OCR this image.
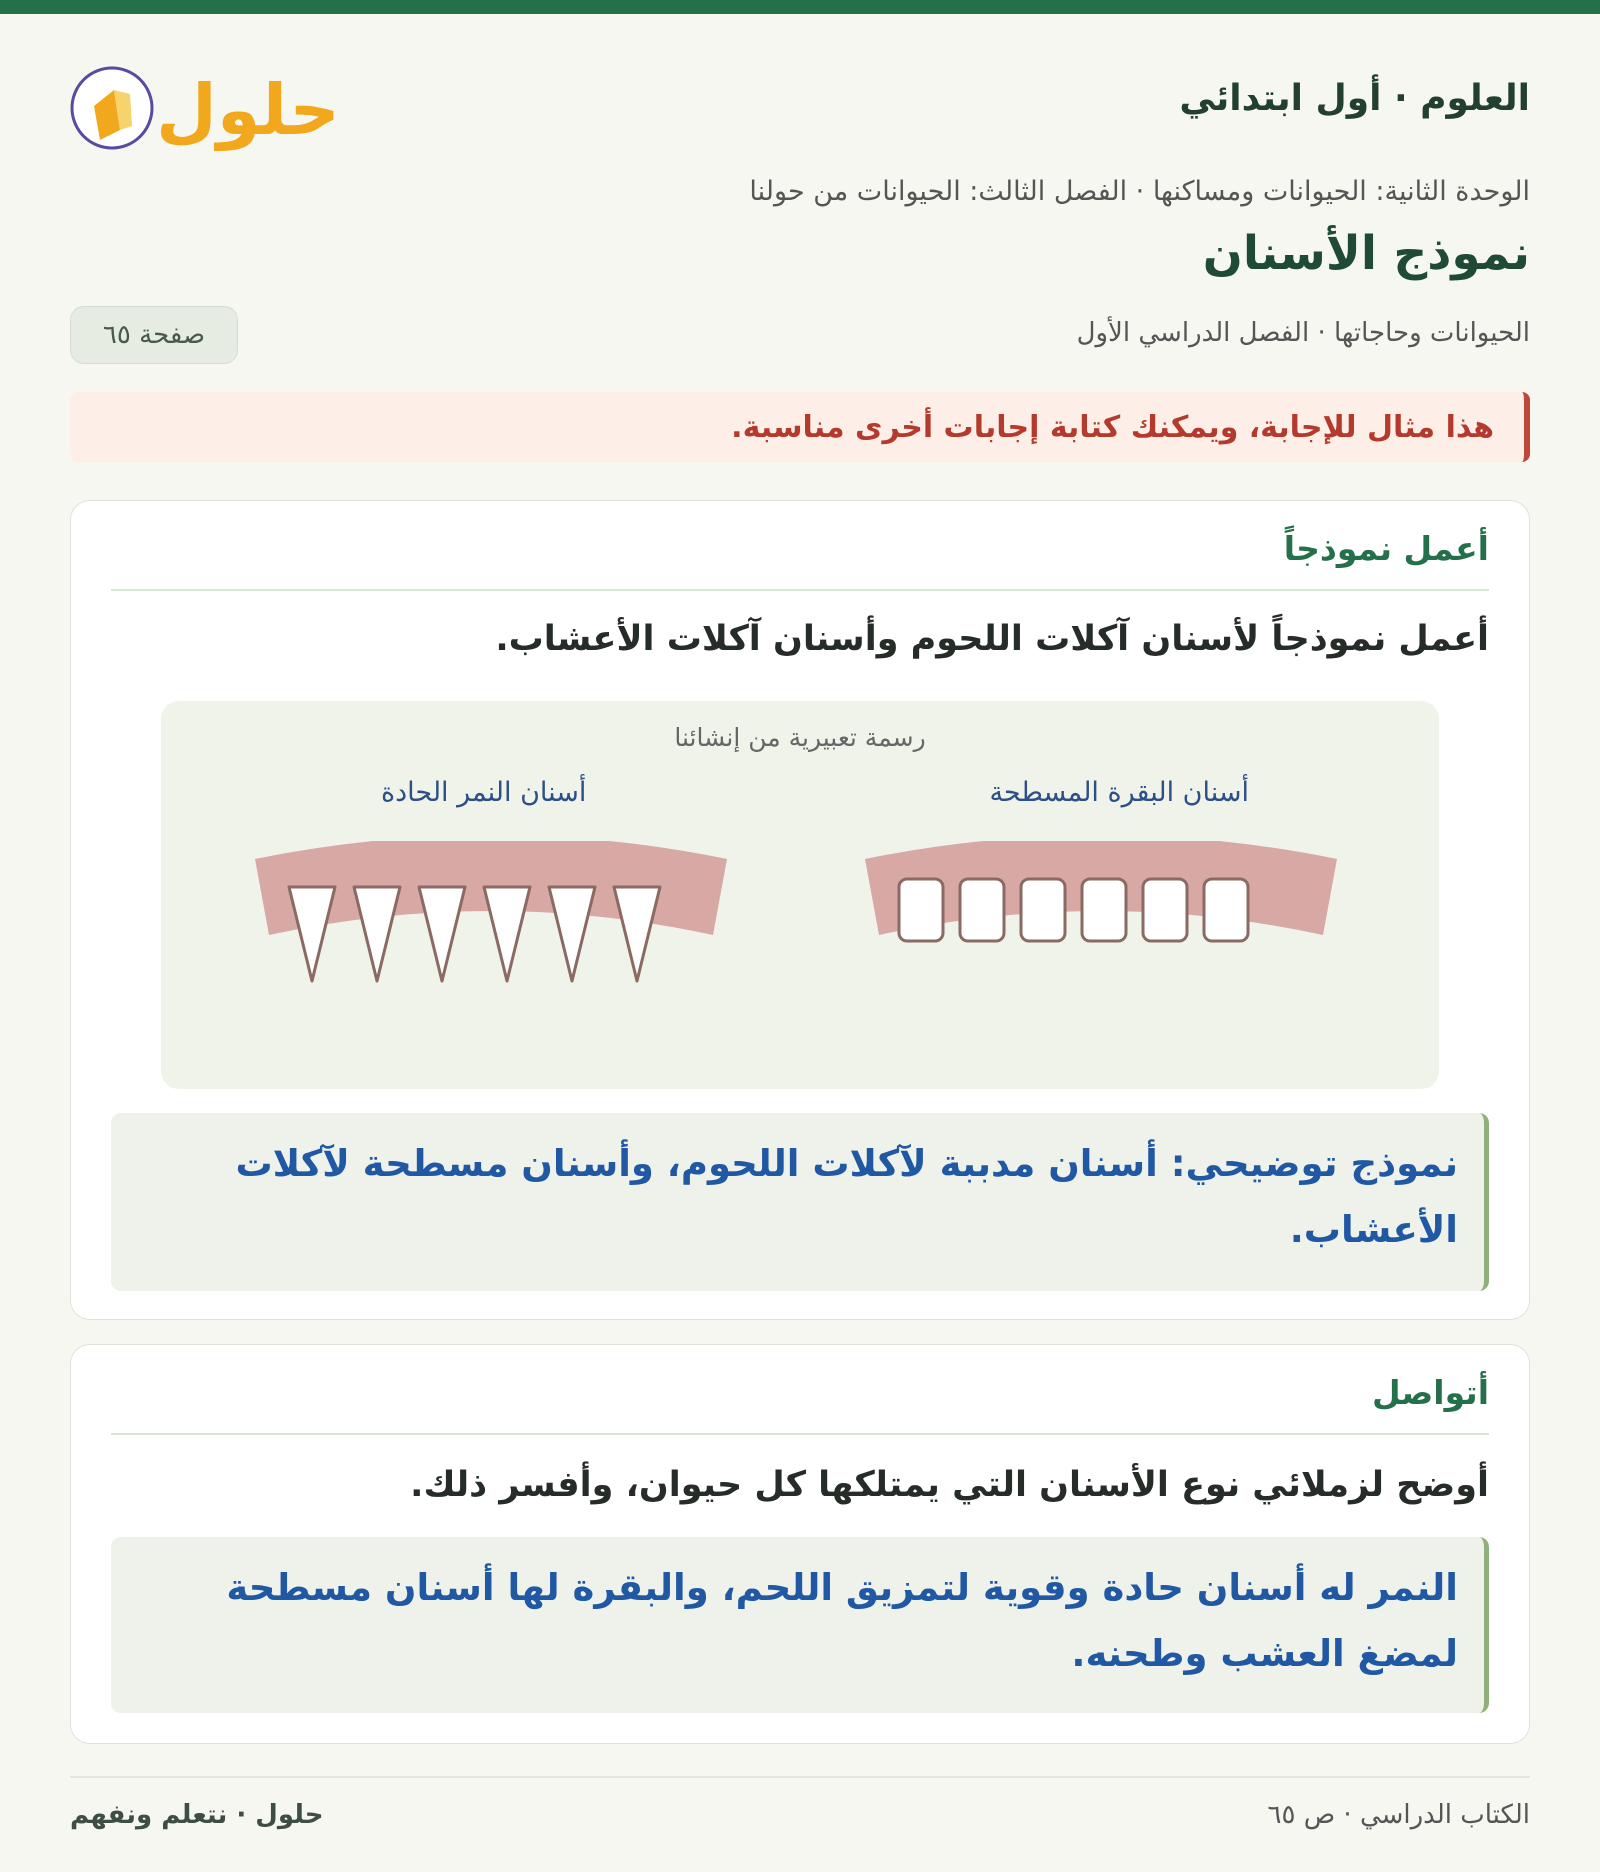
العلوم · أول ابتدائي
الوحدة الثانية: الحيوانات ومساكنها · الفصل الثالث: الحيوانات من حولنا
نموذج الأسنان
الحيوانات وحاجاتها · الفصل الدراسي الأول
صفحة ٦٥
حلول
هذا مثال للإجابة، ويمكنك كتابة إجابات أخرى مناسبة.
أعمل نموذجاً
أعمل نموذجاً لأسنان آكلات اللحوم وأسنان آكلات الأعشاب.
رسمة تعبيرية من إنشائنا
أسنان البقرة المسطحة
أسنان النمر الحادة
نموذج توضيحي: أسنان مدببة لآكلات اللحوم، وأسنان مسطحة لآكلات الأعشاب.
أتواصل
أوضح لزملائي نوع الأسنان التي يمتلكها كل حيوان، وأفسر ذلك.
النمر له أسنان حادة وقوية لتمزيق اللحم، والبقرة لها أسنان مسطحة لمضغ العشب وطحنه.
الكتاب الدراسي · ص ٦٥
حلول · نتعلم ونفهم
